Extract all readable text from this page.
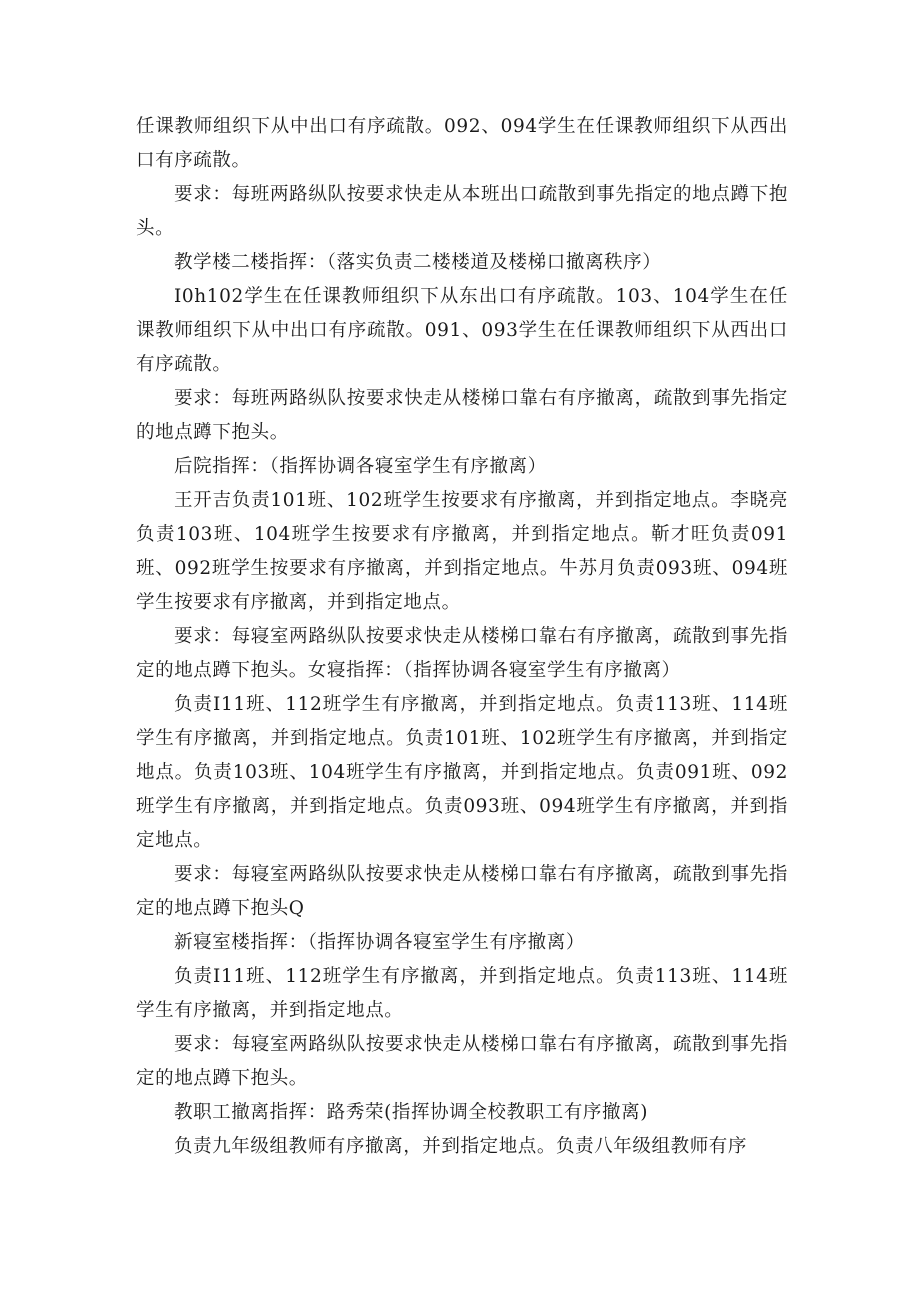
任课教师组织下从中出口有序疏散。092、094学生在任课教师组织下从西出口有序疏散。

要求：每班两路纵队按要求快走从本班出口疏散到事先指定的地点蹲下抱头。

教学楼二楼指挥：（落实负责二楼楼道及楼梯口撤离秩序）

I0h102学生在任课教师组织下从东出口有序疏散。103、104学生在任课教师组织下从中出口有序疏散。091、093学生在任课教师组织下从西出口有序疏散。

要求：每班两路纵队按要求快走从楼梯口靠右有序撤离，疏散到事先指定的地点蹲下抱头。

后院指挥：（指挥协调各寝室学生有序撤离）

王开吉负责101班、102班学生按要求有序撤离，并到指定地点。李晓亮负责103班、104班学生按要求有序撤离，并到指定地点。靳才旺负责091班、092班学生按要求有序撤离，并到指定地点。牛苏月负责093班、094班学生按要求有序撤离，并到指定地点。

要求：每寝室两路纵队按要求快走从楼梯口靠右有序撤离，疏散到事先指定的地点蹲下抱头。女寝指挥：（指挥协调各寝室学生有序撤离）

负责I11班、112班学生有序撤离，并到指定地点。负责113班、114班学生有序撤离，并到指定地点。负责101班、102班学生有序撤离，并到指定地点。负责103班、104班学生有序撤离，并到指定地点。负责091班、092班学生有序撤离，并到指定地点。负责093班、094班学生有序撤离，并到指定地点。

要求：每寝室两路纵队按要求快走从楼梯口靠右有序撤离，疏散到事先指定的地点蹲下抱头Q

新寝室楼指挥：（指挥协调各寝室学生有序撤离）

负责I11班、112班学生有序撤离，并到指定地点。负责113班、114班学生有序撤离，并到指定地点。

要求：每寝室两路纵队按要求快走从楼梯口靠右有序撤离，疏散到事先指定的地点蹲下抱头。

教职工撤离指挥：路秀荣(指挥协调全校教职工有序撤离)

负责九年级组教师有序撤离，并到指定地点。负责八年级组教师有序
